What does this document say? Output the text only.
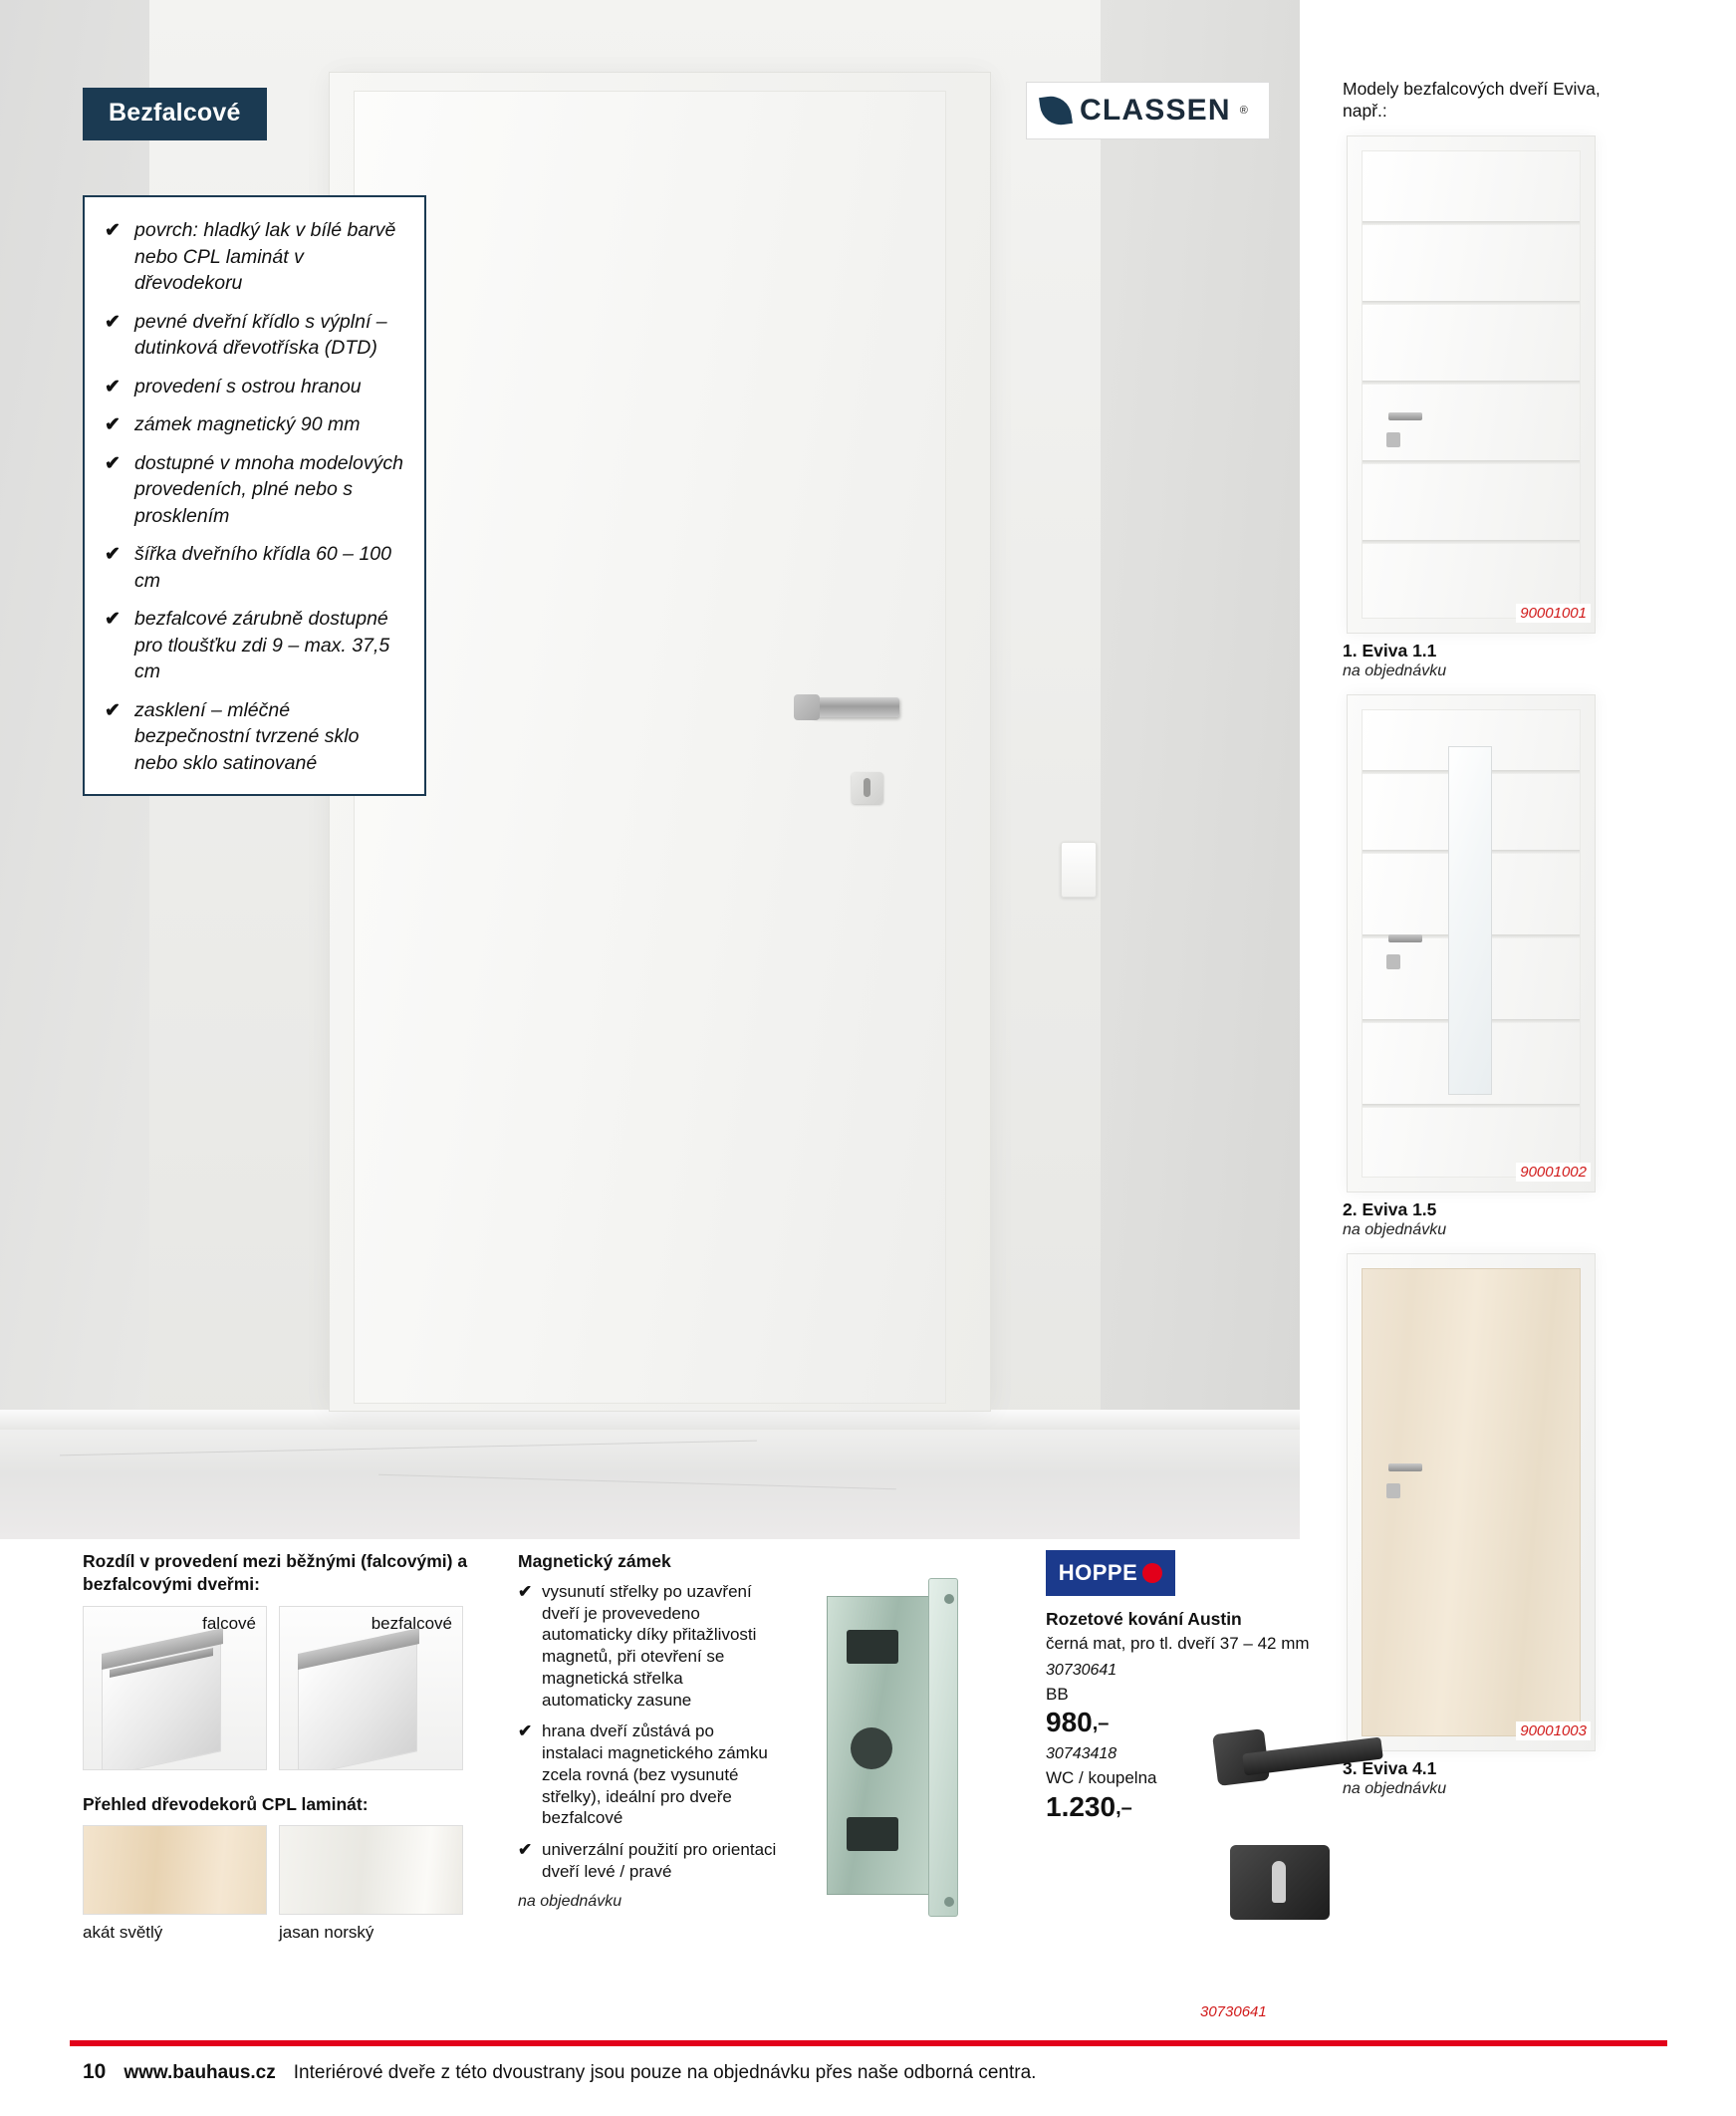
Bezfalcové	CLASSEN ®
✔ povrch: hladký lak v bílé barvě nebo CPL laminát v dřevodekoru
✔ pevné dveřní křídlo s výplní – dutinková dřevotříska (DTD)
✔ provedení s ostrou hranou
✔ zámek magnetický 90 mm
✔ dostupné v mnoha modelových provedeních, plné nebo s prosklením
✔ šířka dveřního křídla 60 – 100 cm
✔ bezfalcové zárubně dostupné pro tloušťku zdi 9 – max. 37,5 cm
✔ zasklení – mléčné bezpečnostní tvrzené sklo nebo sklo satinované
Modely bezfalcových dveří Eviva, např.:
90001001
1. Eviva 1.1
na objednávku
90001002
2. Eviva 1.5
na objednávku
90001003
3. Eviva 4.1
na objednávku
Rozdíl v provedení mezi běžnými (falcovými) a bezfalcovými dveřmi:
falcové	bezfalcové
Přehled dřevodekorů CPL laminát:
akát světlý	jasan norský
Magnetický zámek
✔ vysunutí střelky po uzavření dveří je provevedeno automaticky díky přitažlivosti magnetů, při otevření se magnetická střelka automaticky zasune
✔ hrana dveří zůstává po instalaci magnetického zámku zcela rovná (bez vysunuté střelky), ideální pro dveře bezfalcové
✔ univerzální použití pro orientaci dveří levé / pravé
na objednávku
HOPPE
Rozetové kování Austin
černá mat, pro tl. dveří 37 – 42 mm
30730641
BB
980,–
30743418
WC / koupelna
1.230,–
30730641
10 www.bauhaus.cz Interiérové dveře z této dvoustrany jsou pouze na objednávku přes naše odborná centra.
